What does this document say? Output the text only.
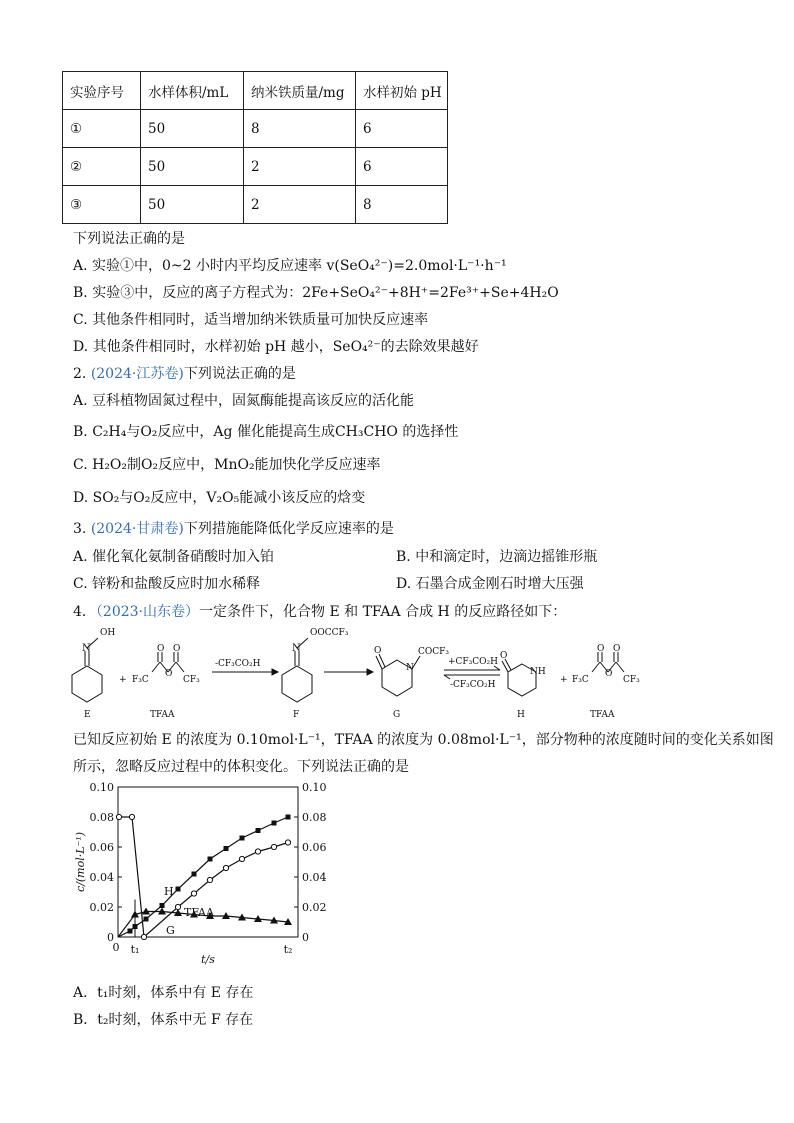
实验序号	水样体积/mL	纳米铁质量/mg	水样初始 pH
①	50	8	6
②	50	2	6
③	50	2	8
下列说法正确的是
A. 实验①中，0~2 小时内平均反应速率 v(SeO₄²⁻)=2.0mol·L⁻¹·h⁻¹
B. 实验③中，反应的离子方程式为：2Fe+SeO₄²⁻+8H⁺=2Fe³⁺+Se+4H₂O
C. 其他条件相同时，适当增加纳米铁质量可加快反应速率
D. 其他条件相同时，水样初始 pH 越小，SeO₄²⁻的去除效果越好
2. (2024·江苏卷)下列说法正确的是
A. 豆科植物固氮过程中，固氮酶能提高该反应的活化能
B. C₂H₄与O₂反应中，Ag 催化能提高生成CH₃CHO 的选择性
C. H₂O₂制O₂反应中，MnO₂能加快化学反应速率
D. SO₂与O₂反应中，V₂O₅能减小该反应的焓变
3. (2024·甘肃卷)下列措施能降低化学反应速率的是
A. 催化氧化氨制备硝酸时加入铂	B. 中和滴定时，边滴边摇锥形瓶
C. 锌粉和盐酸反应时加水稀释	D. 石墨合成金刚石时增大压强
4．（2023·山东卷）一定条件下，化合物 E 和 TFAA 合成 H 的反应路径如下：
N
OH
E
+
O O
O
F₃C	CF₃
TFAA
-CF₃CO₂H
N
OOCCF₃
F
O
N
COCF₃
G
+CF₃CO₂H
-CF₃CO₂H
O
NH
H
+
O O
O
F₃C	CF₃
TFAA
已知反应初始 E 的浓度为 0.10mol·L⁻¹，TFAA 的浓度为 0.08mol·L⁻¹，部分物种的浓度随时间的变化关系如图
所示，忽略反应过程中的体积变化。下列说法正确的是
0	0
0.02	0.02
0.04	0.04
0.06	0.06
0.08	0.08
0.10	0.10
0 t₁	t₂
c/(mol·L⁻¹)
t/s
H
TFAA
G
A．t₁时刻，体系中有 E 存在
B．t₂时刻，体系中无 F 存在
